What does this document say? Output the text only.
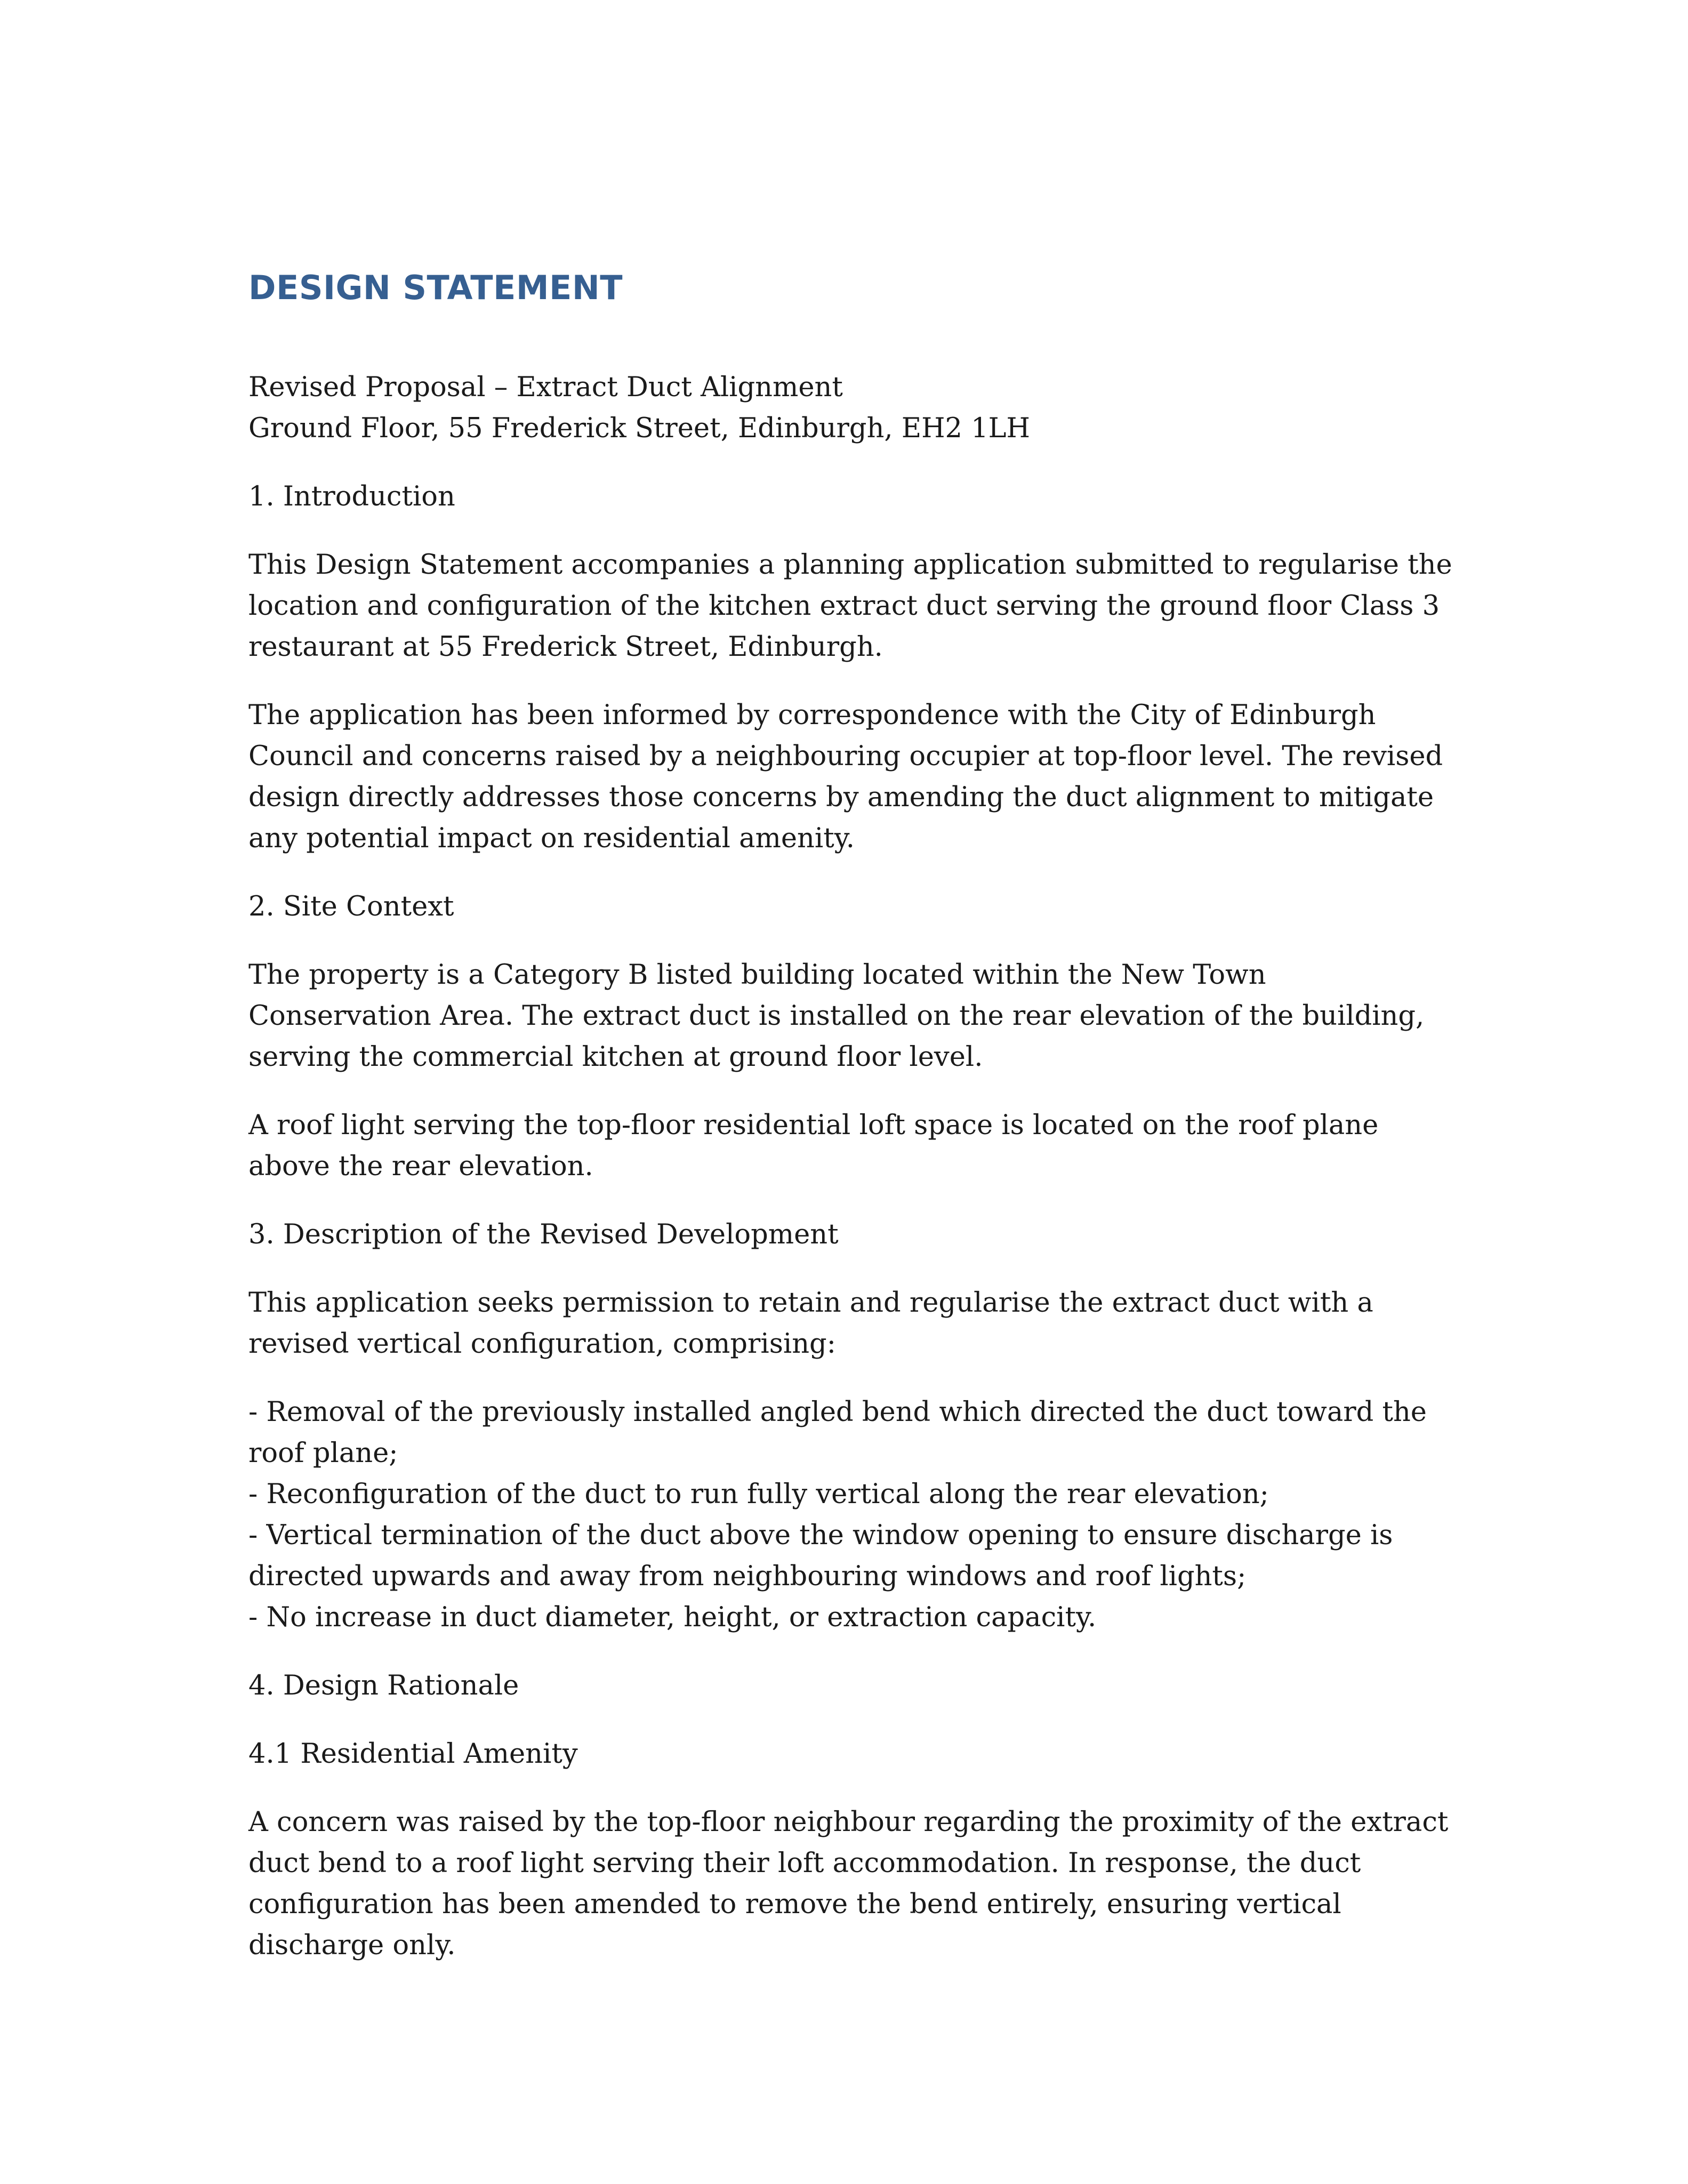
DESIGN STATEMENT
Revised Proposal – Extract Duct Alignment
Ground Floor, 55 Frederick Street, Edinburgh, EH2 1LH
1. Introduction
This Design Statement accompanies a planning application submitted to regularise the location and configuration of the kitchen extract duct serving the ground floor Class 3 restaurant at 55 Frederick Street, Edinburgh.
The application has been informed by correspondence with the City of Edinburgh Council and concerns raised by a neighbouring occupier at top-floor level. The revised design directly addresses those concerns by amending the duct alignment to mitigate any potential impact on residential amenity.
2. Site Context
The property is a Category B listed building located within the New Town Conservation Area. The extract duct is installed on the rear elevation of the building, serving the commercial kitchen at ground floor level.
A roof light serving the top-floor residential loft space is located on the roof plane above the rear elevation.
3. Description of the Revised Development
This application seeks permission to retain and regularise the extract duct with a revised vertical configuration, comprising:
- Removal of the previously installed angled bend which directed the duct toward the roof plane;
- Reconfiguration of the duct to run fully vertical along the rear elevation;
- Vertical termination of the duct above the window opening to ensure discharge is directed upwards and away from neighbouring windows and roof lights;
- No increase in duct diameter, height, or extraction capacity.
4. Design Rationale
4.1 Residential Amenity
A concern was raised by the top-floor neighbour regarding the proximity of the extract duct bend to a roof light serving their loft accommodation. In response, the duct configuration has been amended to remove the bend entirely, ensuring vertical discharge only.
